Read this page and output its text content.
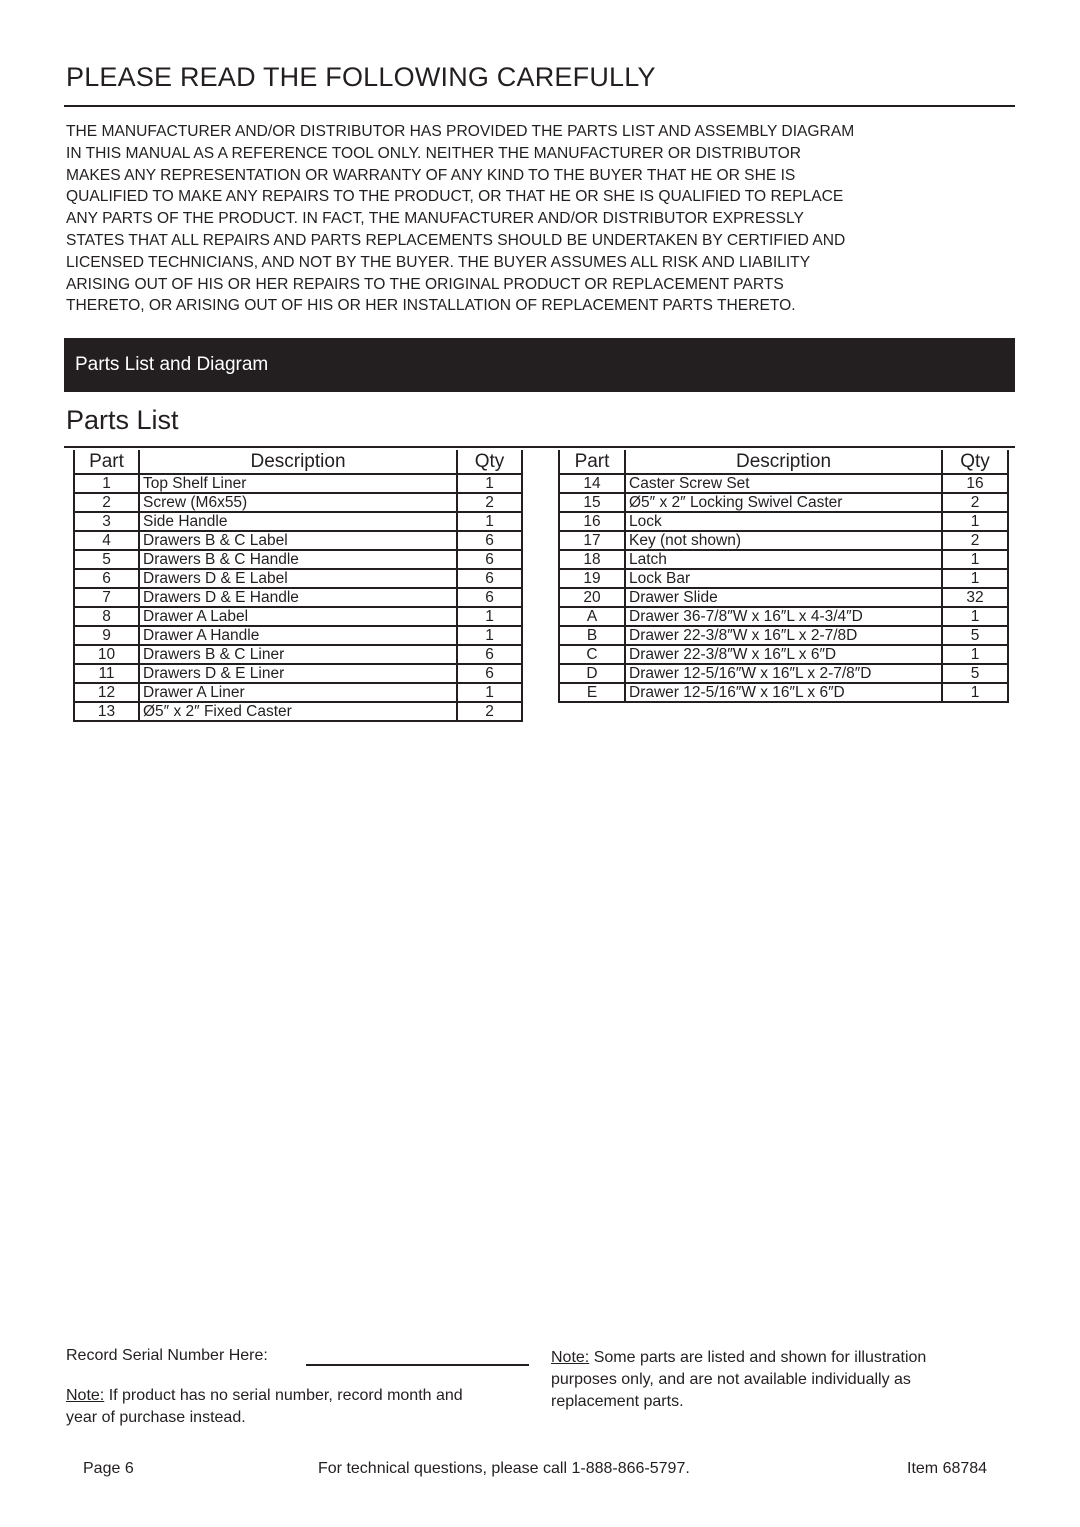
PLEASE READ THE FOLLOWING CAREFULLY
THE MANUFACTURER AND/OR DISTRIBUTOR HAS PROVIDED THE PARTS LIST AND ASSEMBLY DIAGRAM
IN THIS MANUAL AS A REFERENCE TOOL ONLY. NEITHER THE MANUFACTURER OR DISTRIBUTOR
MAKES ANY REPRESENTATION OR WARRANTY OF ANY KIND TO THE BUYER THAT HE OR SHE IS
QUALIFIED TO MAKE ANY REPAIRS TO THE PRODUCT, OR THAT HE OR SHE IS QUALIFIED TO REPLACE
ANY PARTS OF THE PRODUCT. IN FACT, THE MANUFACTURER AND/OR DISTRIBUTOR EXPRESSLY
STATES THAT ALL REPAIRS AND PARTS REPLACEMENTS SHOULD BE UNDERTAKEN BY CERTIFIED AND
LICENSED TECHNICIANS, AND NOT BY THE BUYER. THE BUYER ASSUMES ALL RISK AND LIABILITY
ARISING OUT OF HIS OR HER REPAIRS TO THE ORIGINAL PRODUCT OR REPLACEMENT PARTS
THERETO, OR ARISING OUT OF HIS OR HER INSTALLATION OF REPLACEMENT PARTS THERETO.
Parts List and Diagram
Parts List
Part	Description	Qty
1	Top Shelf Liner	1
2	Screw (M6x55)	2
3	Side Handle	1
4	Drawers B & C Label	6
5	Drawers B & C Handle	6
6	Drawers D & E Label	6
7	Drawers D & E Handle	6
8	Drawer A Label	1
9	Drawer A Handle	1
10	Drawers B & C Liner	6
11	Drawers D & E Liner	6
12	Drawer A Liner	1
13	Ø5″ x 2″ Fixed Caster	2
Part	Description	Qty
14	Caster Screw Set	16
15	Ø5″ x 2″ Locking Swivel Caster	2
16	Lock	1
17	Key (not shown)	2
18	Latch	1
19	Lock Bar	1
20	Drawer Slide	32
A	Drawer 36-7/8″W x 16″L x 4-3/4″D	1
B	Drawer 22-3/8″W x 16″L x 2-7/8D	5
C	Drawer 22-3/8″W x 16″L x 6″D	1
D	Drawer 12-5/16″W x 16″L x 2-7/8″D	5
E	Drawer 12-5/16″W x 16″L x 6″D	1
Record Serial Number Here:
Note: If product has no serial number, record month and year of purchase instead.
Note: Some parts are listed and shown for illustration purposes only, and are not available individually as replacement parts.
Page 6	For technical questions, please call 1-888-866-5797.	Item 68784
